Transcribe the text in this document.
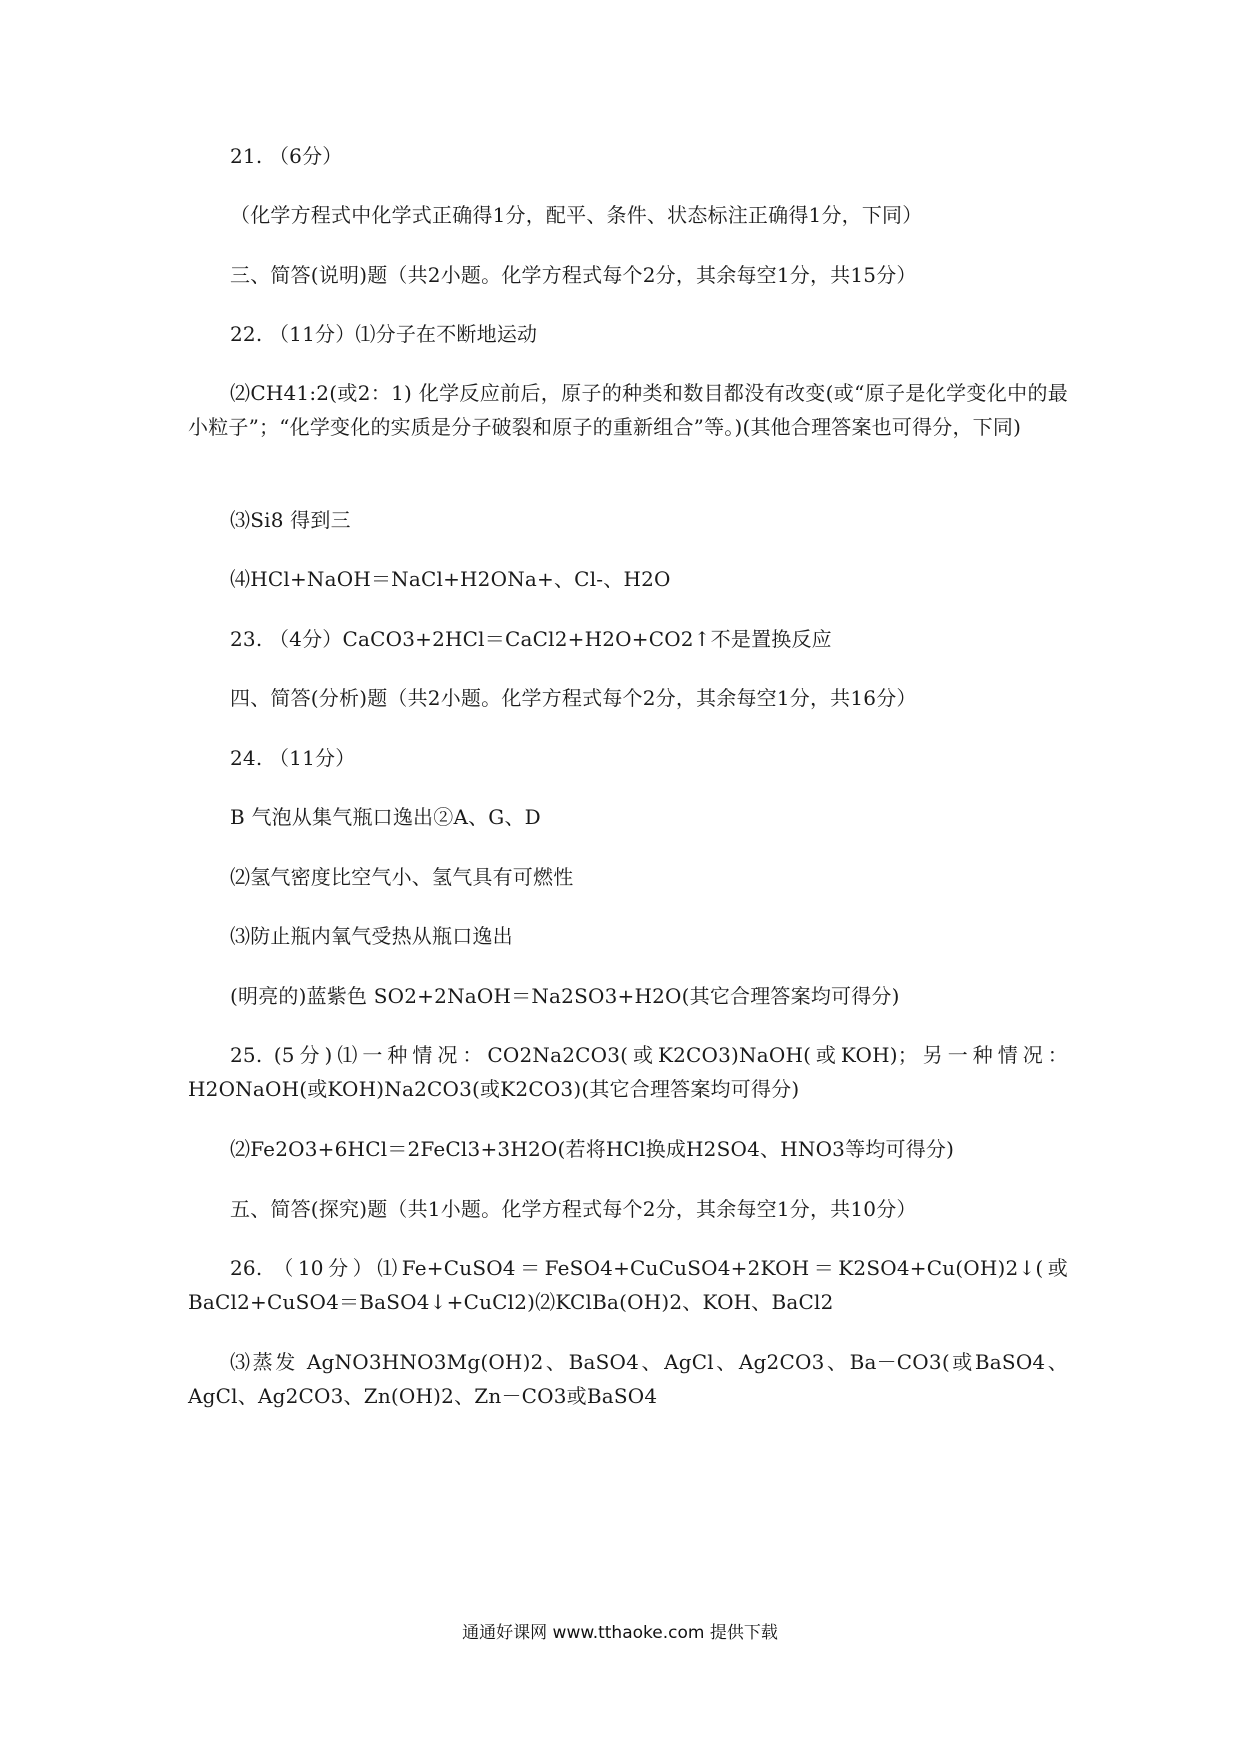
21. （6分）
（化学方程式中化学式正确得1分，配平、条件、状态标注正确得1分，下同）
三、简答(说明)题（共2小题。化学方程式每个2分，其余每空1分，共15分）
22. （11分）⑴分子在不断地运动
⑵CH41:2(或2：1) 化学反应前后，原子的种类和数目都没有改变(或“原子是化学变化中的最小粒子”；“化学变化的实质是分子破裂和原子的重新组合”等。)(其他合理答案也可得分，下同)
⑶Si8 得到三
⑷HCl+NaOH＝NaCl+H2ONa+、Cl-、H2O
23. （4分）CaCO3+2HCl＝CaCl2+H2O+CO2↑不是置换反应
四、简答(分析)题（共2小题。化学方程式每个2分，其余每空1分，共16分）
24. （11分）
B 气泡从集气瓶口逸出②A、G、D
⑵氢气密度比空气小、氢气具有可燃性
⑶防止瓶内氧气受热从瓶口逸出
(明亮的)蓝紫色 SO2+2NaOH＝Na2SO3+H2O(其它合理答案均可得分)
25. (5分)⑴一种情况：CO2Na2CO3(或K2CO3)NaOH(或KOH)；另一种情况：H2ONaOH(或KOH)Na2CO3(或K2CO3)(其它合理答案均可得分)
⑵Fe2O3+6HCl＝2FeCl3+3H2O(若将HCl换成H2SO4、HNO3等均可得分)
五、简答(探究)题（共1小题。化学方程式每个2分，其余每空1分，共10分）
26. （10分）⑴Fe+CuSO4＝FeSO4+CuCuSO4+2KOH＝K2SO4+Cu(OH)2↓(或BaCl2+CuSO4＝BaSO4↓+CuCl2)⑵KClBa(OH)2、KOH、BaCl2
⑶蒸发 AgNO3HNO3Mg(OH)2、BaSO4、AgCl、Ag2CO3、Ba－CO3(或BaSO4、AgCl、Ag2CO3、Zn(OH)2、Zn－CO3或BaSO4
通通好课网 www.tthaoke.com 提供下载
